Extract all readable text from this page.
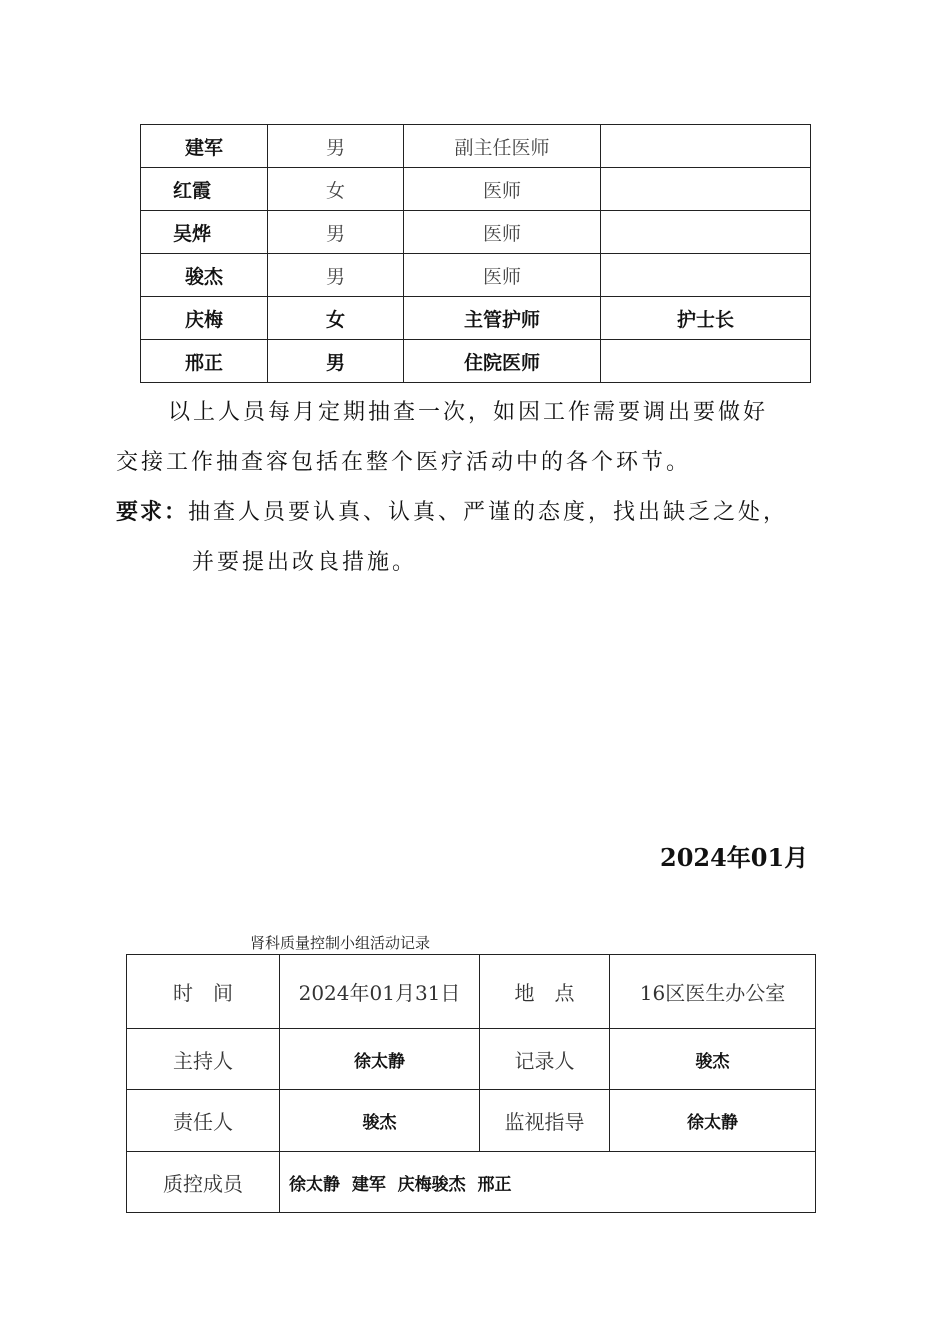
建军	男	副主任医师	
红霞	女	医师	
吴烨	男	医师	
骏杰	男	医师	
庆梅	女	主管护师	护士长
邢正	男	住院医师	
以上人员每月定期抽查一次，如因工作需要调出要做好
交接工作抽查容包括在整个医疗活动中的各个环节。
要求：抽查人员要认真、认真、严谨的态度，找出缺乏之处，
并要提出改良措施。
2024年01月
肾科质量控制小组活动记录
时　间	2024年01月31日	地　点	16区医生办公室
主持人	徐太静	记录人	骏杰
责任人	骏杰	监视指导	徐太静
质控成员	徐太静  建军  庆梅骏杰  邢正		
